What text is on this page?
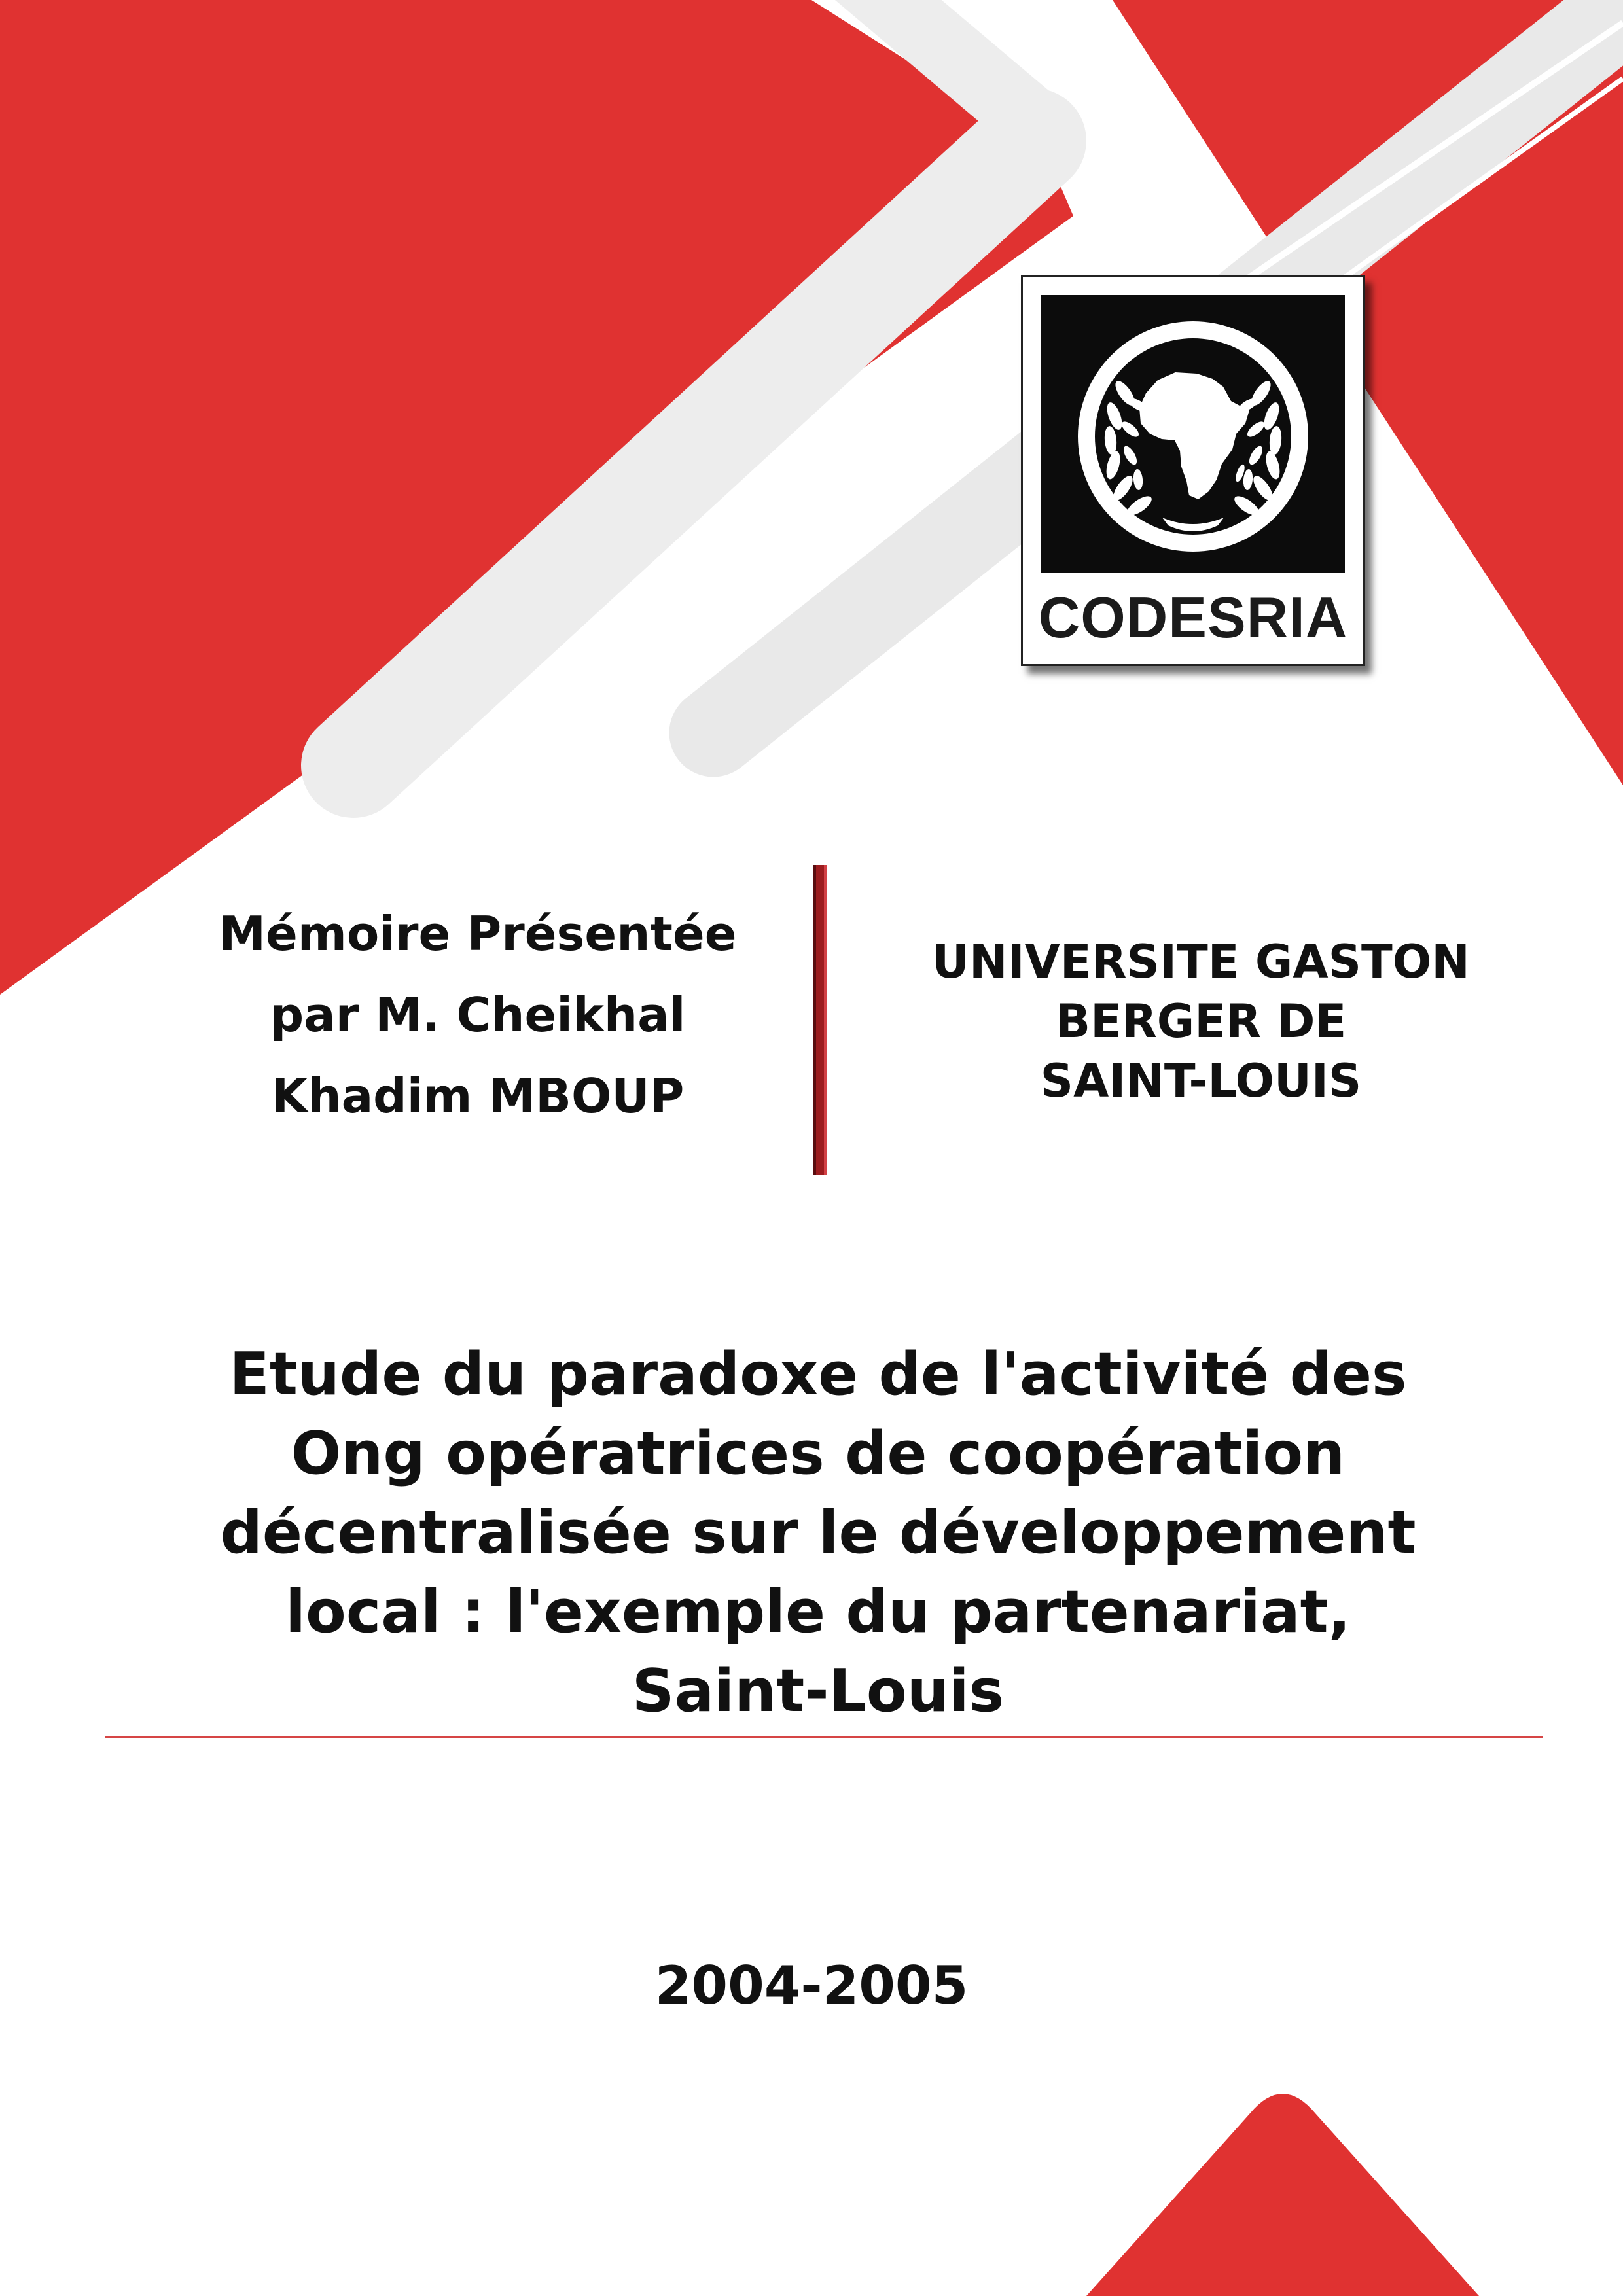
CODESRIA
Mémoire Présentée
par M. Cheikhal
Khadim MBOUP
UNIVERSITE GASTON
BERGER DE
SAINT-LOUIS
Etude du paradoxe de l'activité des
Ong opératrices de coopération
décentralisée sur le développement
local : l'exemple du partenariat,
Saint-Louis
2004-2005
